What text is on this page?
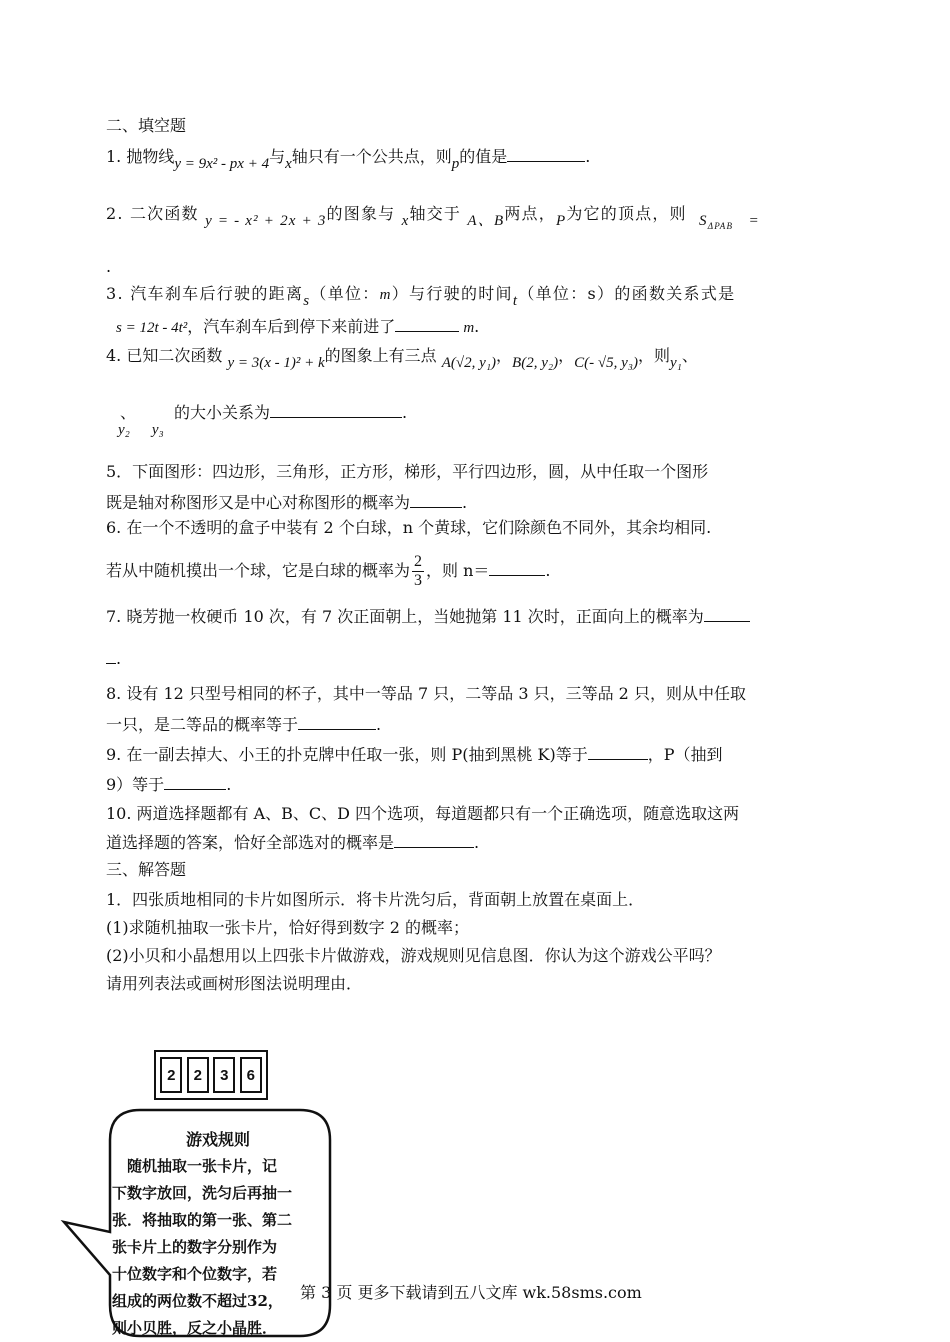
二、填空题
1. 抛物线y = 9x² - px + 4与x轴只有一个公共点，则p的值是	.
2. 二次函数 y = - x² + 2x + 3的图象与 x轴交于 A、B两点，P为它的顶点，则 $S_{\Delta PAB}$ =
.
3. 汽车刹车后行驶的距离s（单位：m）与行驶的时间t（单位：s）的函数关系式是
s = 12t - 4t²，汽车刹车后到停下来前进了	m.
4. 已知二次函数 y = 3(x - 1)² + k的图象上有三点 A(√2, y₁)，B(2, y₂)，C(- √5, y₃)，则y₁、
、 的大小关系为	.
y₂ y₃
5．下面图形：四边形，三角形，正方形，梯形，平行四边形，圆，从中任取一个图形
既是轴对称图形又是中心对称图形的概率为	.
6. 在一个不透明的盒子中装有 2 个白球，n 个黄球，它们除颜色不同外，其余均相同.
若从中随机摸出一个球，它是白球的概率为 $\frac{2}{3}$ ，则 n＝	.
7. 晓芳抛一枚硬币 10 次，有 7 次正面朝上，当她抛第 11 次时，正面向上的概率为
.
8. 设有 12 只型号相同的杯子，其中一等品 7 只，二等品 3 只，三等品 2 只，则从中任取
一只，是二等品的概率等于	.
9. 在一副去掉大、小王的扑克牌中任取一张，则 P(抽到黑桃 K)等于	，P（抽到
9）等于	.
10. 两道选择题都有 A、B、C、D 四个选项，每道题都只有一个正确选项，随意选取这两
道选择题的答案，恰好全部选对的概率是	.
三、解答题
1．四张质地相同的卡片如图所示．将卡片洗匀后，背面朝上放置在桌面上．
(1)求随机抽取一张卡片，恰好得到数字 2 的概率；
(2)小贝和小晶想用以上四张卡片做游戏，游戏规则见信息图．你认为这个游戏公平吗？
请用列表法或画树形图法说明理由．
2	2	3	6
游戏规则
　随机抽取一张卡片，记
下数字放回，洗匀后再抽一
张．将抽取的第一张、第二
张卡片上的数字分别作为
十位数字和个位数字，若
组成的两位数不超过32，
则小贝胜，反之小晶胜．
第 3 页 更多下载请到五八文库 wk.58sms.com
